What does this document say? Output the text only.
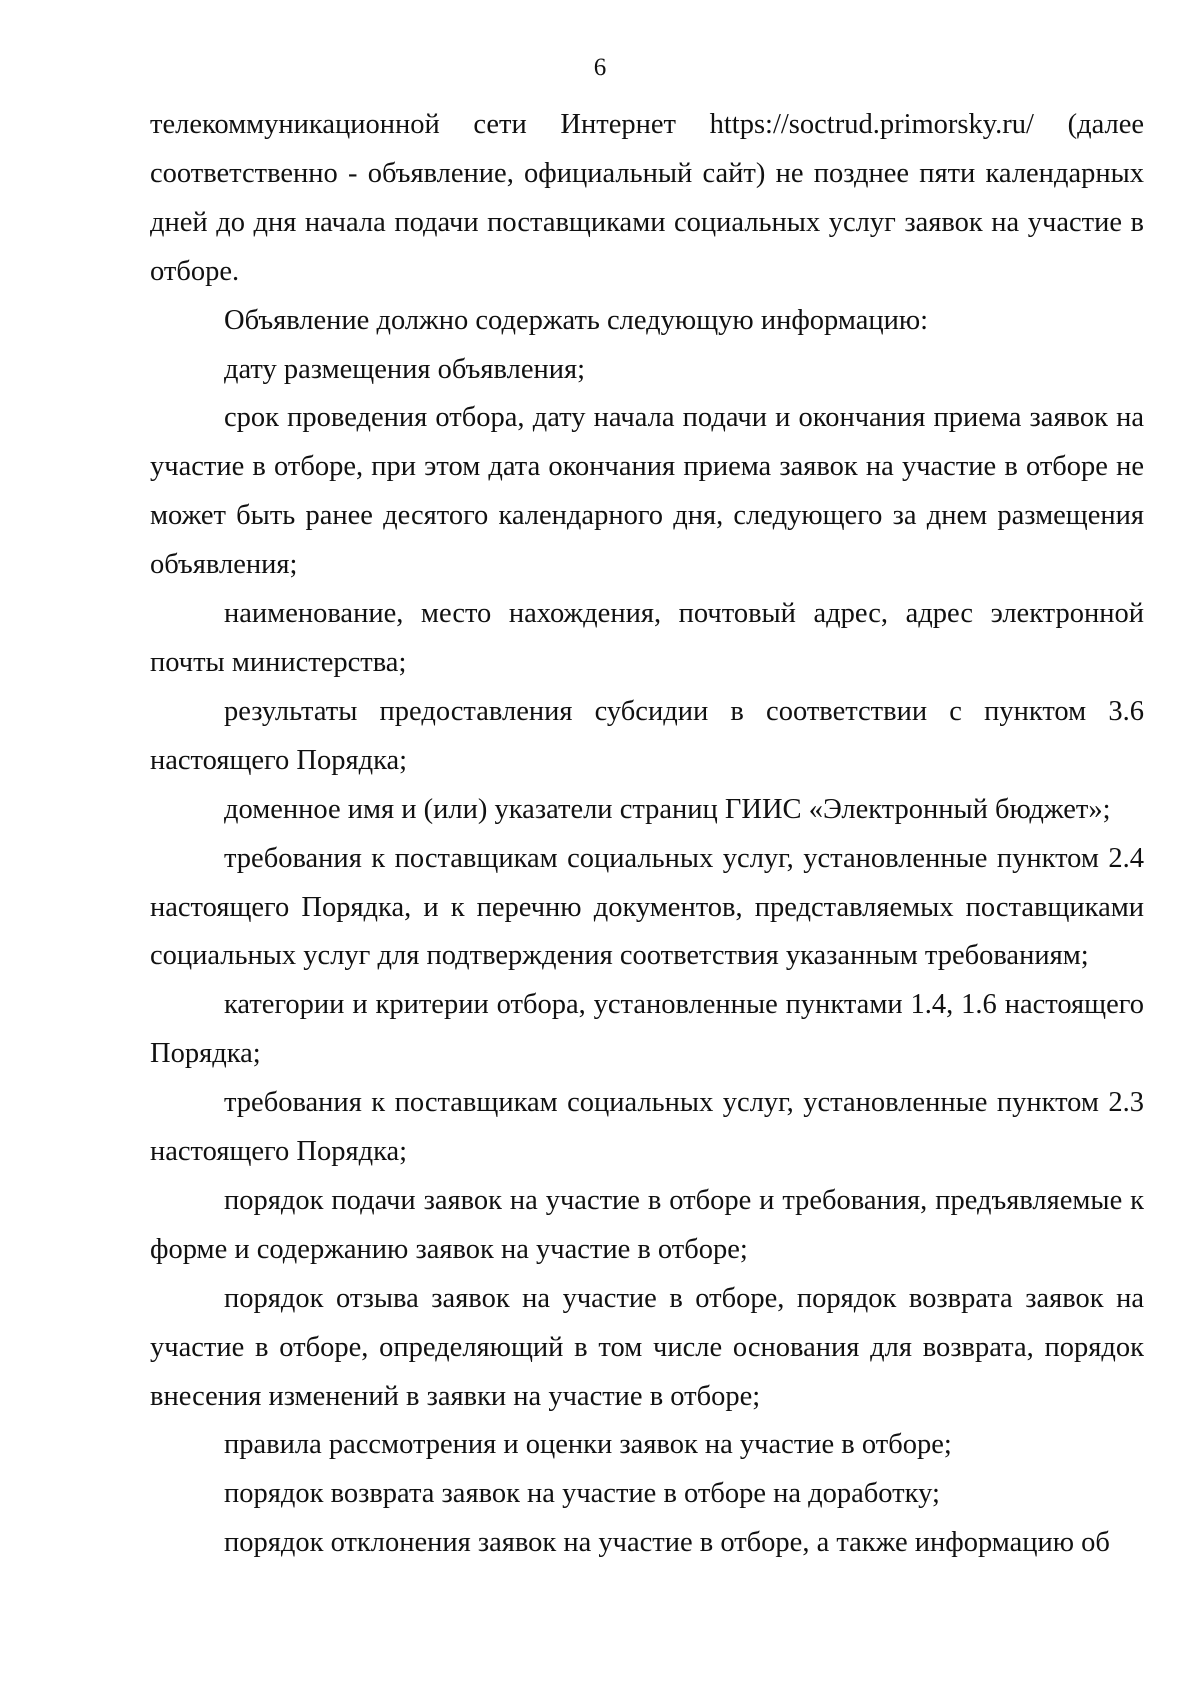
6

телекоммуникационной сети Интернет https://soctrud.primorsky.ru/ (далее соответственно - объявление, официальный сайт) не позднее пяти календарных дней до дня начала подачи поставщиками социальных услуг заявок на участие в отборе.

Объявление должно содержать следующую информацию:

дату размещения объявления;

срок проведения отбора, дату начала подачи и окончания приема заявок на участие в отборе, при этом дата окончания приема заявок на участие в отборе не может быть ранее десятого календарного дня, следующего за днем размещения объявления;

наименование, место нахождения, почтовый адрес, адрес электронной почты министерства;

результаты предоставления субсидии в соответствии с пунктом 3.6 настоящего Порядка;

доменное имя и (или) указатели страниц ГИИС «Электронный бюджет»;

требования к поставщикам социальных услуг, установленные пунктом 2.4 настоящего Порядка, и к перечню документов, представляемых поставщиками социальных услуг для подтверждения соответствия указанным требованиям;

категории и критерии отбора, установленные пунктами 1.4, 1.6 настоящего Порядка;

требования к поставщикам социальных услуг, установленные пунктом 2.3 настоящего Порядка;

порядок подачи заявок на участие в отборе и требования, предъявляемые к форме и содержанию заявок на участие в отборе;

порядок отзыва заявок на участие в отборе, порядок возврата заявок на участие в отборе, определяющий в том числе основания для возврата, порядок внесения изменений в заявки на участие в отборе;

правила рассмотрения и оценки заявок на участие в отборе;

порядок возврата заявок на участие в отборе на доработку;

порядок отклонения заявок на участие в отборе, а также информацию об
